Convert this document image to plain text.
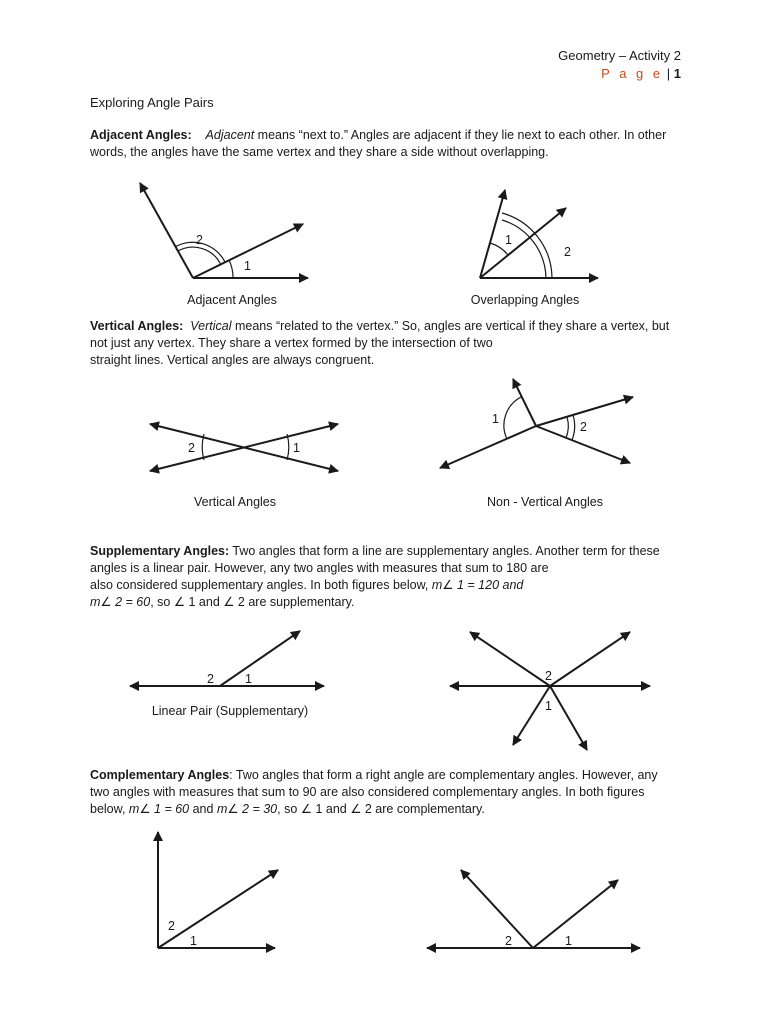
Geometry – Activity 2
P a g e | 1
Exploring Angle Pairs
Adjacent Angles: Adjacent means “next to.” Angles are adjacent if they lie next to each other. In other
words, the angles have the same vertex and they share a side without overlapping.
Vertical Angles: Vertical means “related to the vertex.” So, angles are vertical if they share a vertex, but
not just any vertex. They share a vertex formed by the intersection of two
straight lines. Vertical angles are always congruent.
Supplementary Angles: Two angles that form a line are supplementary angles. Another term for these
angles is a linear pair. However, any two angles with measures that sum to 180 are
also considered supplementary angles. In both figures below, m∠ 1 = 120 and
m∠ 2 = 60, so ∠ 1 and ∠ 2 are supplementary.
Complementary Angles: Two angles that form a right angle are complementary angles. However, any
two angles with measures that sum to 90 are also considered complementary angles. In both figures
below, m∠ 1 = 60 and m∠ 2 = 30, so ∠ 1 and ∠ 2 are complementary.
Adjacent Angles	Overlapping Angles
Vertical Angles	Non - Vertical Angles
Linear Pair (Supplementary)
1
2	1
2
2	1
1
2
2 1	2
1
2
1	2	1
